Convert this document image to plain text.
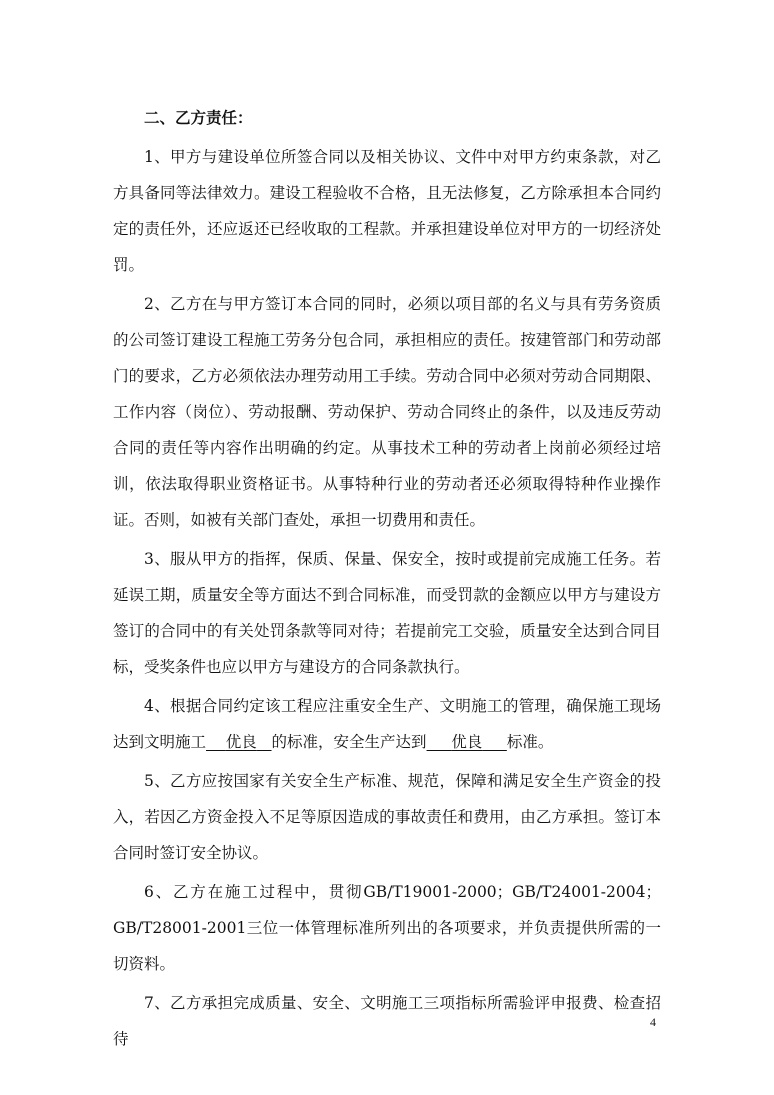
二、乙方责任：

1、甲方与建设单位所签合同以及相关协议、文件中对甲方约束条款，对乙方具备同等法律效力。建设工程验收不合格，且无法修复，乙方除承担本合同约定的责任外，还应返还已经收取的工程款。并承担建设单位对甲方的一切经济处罚。

2、乙方在与甲方签订本合同的同时，必须以项目部的名义与具有劳务资质的公司签订建设工程施工劳务分包合同，承担相应的责任。按建管部门和劳动部门的要求，乙方必须依法办理劳动用工手续。劳动合同中必须对劳动合同期限、工作内容（岗位）、劳动报酬、劳动保护、劳动合同终止的条件，以及违反劳动合同的责任等内容作出明确的约定。从事技术工种的劳动者上岗前必须经过培训，依法取得职业资格证书。从事特种行业的劳动者还必须取得特种作业操作证。否则，如被有关部门查处，承担一切费用和责任。

3、服从甲方的指挥，保质、保量、保安全，按时或提前完成施工任务。若延误工期，质量安全等方面达不到合同标准，而受罚款的金额应以甲方与建设方签订的合同中的有关处罚条款等同对待；若提前完工交验，质量安全达到合同目标，受奖条件也应以甲方与建设方的合同条款执行。

4、根据合同约定该工程应注重安全生产、文明施工的管理，确保施工现场达到文明施工 优良 的标准，安全生产达到 优良 标准。

5、乙方应按国家有关安全生产标准、规范，保障和满足安全生产资金的投入，若因乙方资金投入不足等原因造成的事故责任和费用，由乙方承担。签订本合同时签订安全协议。

6、乙方在施工过程中，贯彻GB/T19001-2000；GB/T24001-2004；GB/T28001-2001三位一体管理标准所列出的各项要求，并负责提供所需的一切资料。

7、乙方承担完成质量、安全、文明施工三项指标所需验评申报费、检查招待

4
